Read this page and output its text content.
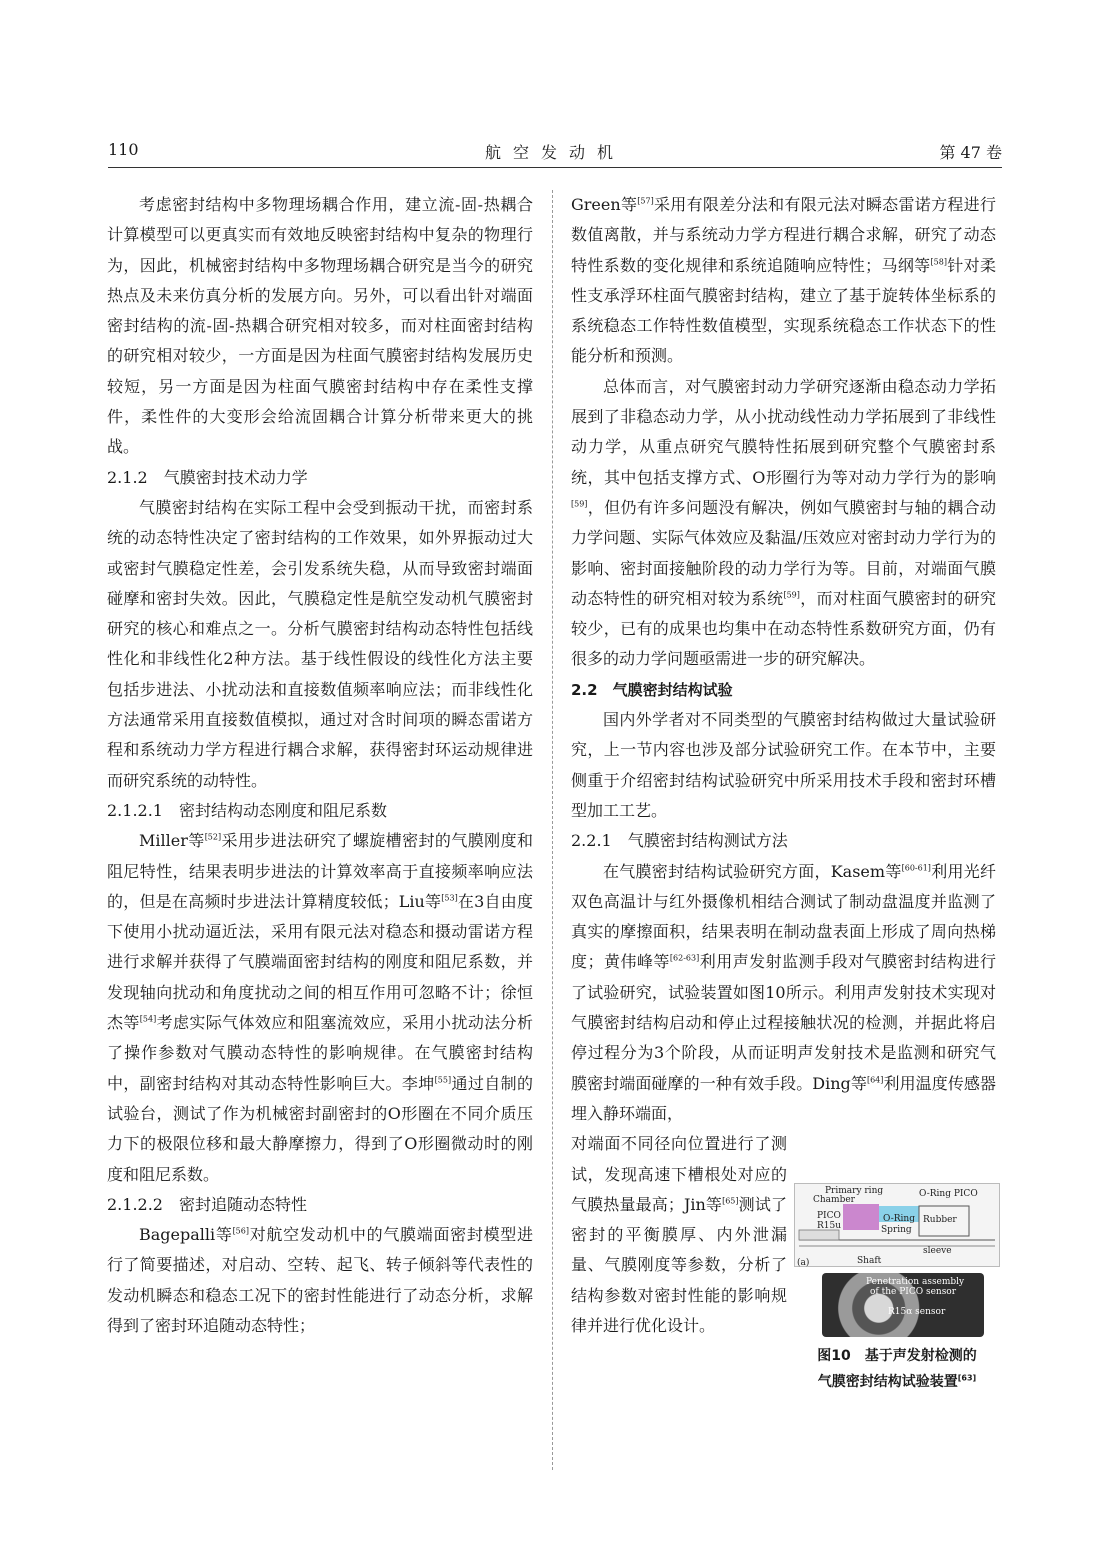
110	航空发动机	第 47 卷

考虑密封结构中多物理场耦合作用，建立流-固-热耦合计算模型可以更真实而有效地反映密封结构中复杂的物理行为，因此，机械密封结构中多物理场耦合研究是当今的研究热点及未来仿真分析的发展方向。另外，可以看出针对端面密封结构的流-固-热耦合研究相对较多，而对柱面密封结构的研究相对较少，一方面是因为柱面气膜密封结构发展历史较短，另一方面是因为柱面气膜密封结构中存在柔性支撑件，柔性件的大变形会给流固耦合计算分析带来更大的挑战。

2.1.2　气膜密封技术动力学

气膜密封结构在实际工程中会受到振动干扰，而密封系统的动态特性决定了密封结构的工作效果，如外界振动过大或密封气膜稳定性差，会引发系统失稳，从而导致密封端面碰摩和密封失效。因此，气膜稳定性是航空发动机气膜密封研究的核心和难点之一。分析气膜密封结构动态特性包括线性化和非线性化2种方法。基于线性假设的线性化方法主要包括步进法、小扰动法和直接数值频率响应法；而非线性化方法通常采用直接数值模拟，通过对含时间项的瞬态雷诺方程和系统动力学方程进行耦合求解，获得密封环运动规律进而研究系统的动特性。

2.1.2.1　密封结构动态刚度和阻尼系数

Miller等[52]采用步进法研究了螺旋槽密封的气膜刚度和阻尼特性，结果表明步进法的计算效率高于直接频率响应法的，但是在高频时步进法计算精度较低；Liu等[53]在3自由度下使用小扰动逼近法，采用有限元法对稳态和摄动雷诺方程进行求解并获得了气膜端面密封结构的刚度和阻尼系数，并发现轴向扰动和角度扰动之间的相互作用可忽略不计；徐恒杰等[54]考虑实际气体效应和阻塞流效应，采用小扰动法分析了操作参数对气膜动态特性的影响规律。在气膜密封结构中，副密封结构对其动态特性影响巨大。李坤[55]通过自制的试验台，测试了作为机械密封副密封的O形圈在不同介质压力下的极限位移和最大静摩擦力，得到了O形圈微动时的刚度和阻尼系数。

2.1.2.2　密封追随动态特性

Bagepalli等[56]对航空发动机中的气膜端面密封模型进行了简要描述，对启动、空转、起飞、转子倾斜等代表性的发动机瞬态和稳态工况下的密封性能进行了动态分析，求解得到了密封环追随动态特性；

Green等[57]采用有限差分法和有限元法对瞬态雷诺方程进行数值离散，并与系统动力学方程进行耦合求解，研究了动态特性系数的变化规律和系统追随响应特性；马纲等[58]针对柔性支承浮环柱面气膜密封结构，建立了基于旋转体坐标系的系统稳态工作特性数值模型，实现系统稳态工作状态下的性能分析和预测。

总体而言，对气膜密封动力学研究逐渐由稳态动力学拓展到了非稳态动力学，从小扰动线性动力学拓展到了非线性动力学，从重点研究气膜特性拓展到研究整个气膜密封系统，其中包括支撑方式、O形圈行为等对动力学行为的影响[59]，但仍有许多问题没有解决，例如气膜密封与轴的耦合动力学问题、实际气体效应及黏温/压效应对密封动力学行为的影响、密封面接触阶段的动力学行为等。目前，对端面气膜动态特性的研究相对较为系统[59]，而对柱面气膜密封的研究较少，已有的成果也均集中在动态特性系数研究方面，仍有很多的动力学问题亟需进一步的研究解决。

2.2　气膜密封结构试验

国内外学者对不同类型的气膜密封结构做过大量试验研究，上一节内容也涉及部分试验研究工作。在本节中，主要侧重于介绍密封结构试验研究中所采用技术手段和密封环槽型加工工艺。

2.2.1　气膜密封结构测试方法

在气膜密封结构试验研究方面，Kasem等[60-61]利用光纤双色高温计与红外摄像机相结合测试了制动盘温度并监测了真实的摩擦面积，结果表明在制动盘表面上形成了周向热梯度；黄伟峰等[62-63]利用声发射监测手段对气膜密封结构进行了试验研究，试验装置如图10所示。利用声发射技术实现对气膜密封结构启动和停止过程接触状况的检测，并据此将启停过程分为3个阶段，从而证明声发射技术是监测和研究气膜密封端面碰摩的一种有效手段。Ding等[64]利用温度传感器埋入静环端面，

对端面不同径向位置进行了测试，发现高速下槽根处对应的气膜热量最高；Jin等[65]测试了密封的平衡膜厚、内外泄漏量、气膜刚度等参数，分析了结构参数对密封性能的影响规律并进行优化设计。
Primary ring
Chamber
O-Ring PICO
PICO
R15u
O-Ring
Spring
Rubber
sleeve
Shaft
(a)
Penetration assembly
of the PICO sensor
R15α sensor
图10　基于声发射检测的
气膜密封结构试验装置[63]
